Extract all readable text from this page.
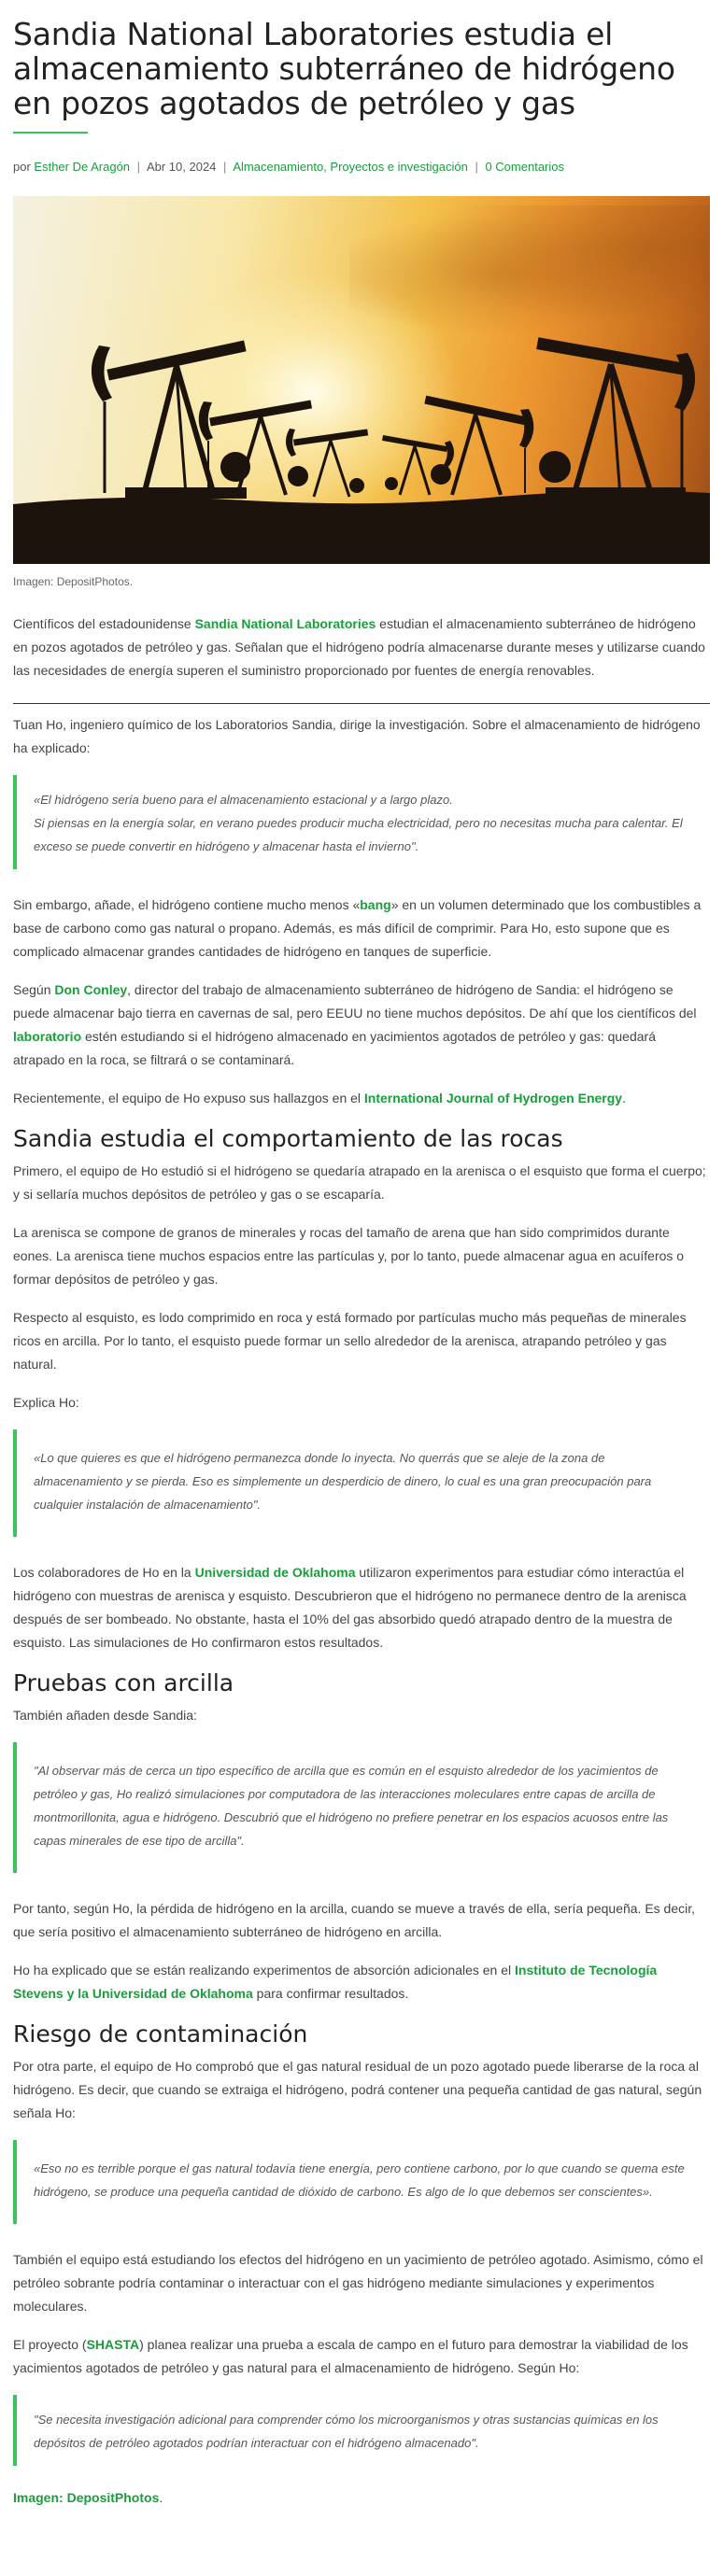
Sandia National Laboratories estudia el almacenamiento subterráneo de hidrógeno en pozos agotados de petróleo y gas
por Esther De Aragón | Abr 10, 2024 | Almacenamiento, Proyectos e investigación | 0 Comentarios
Imagen: DepositPhotos.

Científicos del estadounidense Sandia National Laboratories estudian el almacenamiento subterráneo de hidrógeno en pozos agotados de petróleo y gas. Señalan que el hidrógeno podría almacenarse durante meses y utilizarse cuando las necesidades de energía superen el suministro proporcionado por fuentes de energía renovables.

Tuan Ho, ingeniero químico de los Laboratorios Sandia, dirige la investigación. Sobre el almacenamiento de hidrógeno ha explicado:

«El hidrógeno sería bueno para el almacenamiento estacional y a largo plazo.
Si piensas en la energía solar, en verano puedes producir mucha electricidad, pero no necesitas mucha para calentar. El exceso se puede convertir en hidrógeno y almacenar hasta el invierno".

Sin embargo, añade, el hidrógeno contiene mucho menos «bang» en un volumen determinado que los combustibles a base de carbono como gas natural o propano. Además, es más difícil de comprimir. Para Ho, esto supone que es complicado almacenar grandes cantidades de hidrógeno en tanques de superficie.

Según Don Conley, director del trabajo de almacenamiento subterráneo de hidrógeno de Sandia: el hidrógeno se puede almacenar bajo tierra en cavernas de sal, pero EEUU no tiene muchos depósitos. De ahí que los científicos del laboratorio estén estudiando si el hidrógeno almacenado en yacimientos agotados de petróleo y gas: quedará atrapado en la roca, se filtrará o se contaminará.

Recientemente, el equipo de Ho expuso sus hallazgos en el International Journal of Hydrogen Energy.

Sandia estudia el comportamiento de las rocas

Primero, el equipo de Ho estudió si el hidrógeno se quedaría atrapado en la arenisca o el esquisto que forma el cuerpo; y si sellaría muchos depósitos de petróleo y gas o se escaparía.

La arenisca se compone de granos de minerales y rocas del tamaño de arena que han sido comprimidos durante eones. La arenisca tiene muchos espacios entre las partículas y, por lo tanto, puede almacenar agua en acuíferos o formar depósitos de petróleo y gas.

Respecto al esquisto, es lodo comprimido en roca y está formado por partículas mucho más pequeñas de minerales ricos en arcilla. Por lo tanto, el esquisto puede formar un sello alrededor de la arenisca, atrapando petróleo y gas natural.

Explica Ho:

«Lo que quieres es que el hidrógeno permanezca donde lo inyecta. No querrás que se aleje de la zona de almacenamiento y se pierda. Eso es simplemente un desperdicio de dinero, lo cual es una gran preocupación para cualquier instalación de almacenamiento".

Los colaboradores de Ho en la Universidad de Oklahoma utilizaron experimentos para estudiar cómo interactúa el hidrógeno con muestras de arenisca y esquisto. Descubrieron que el hidrógeno no permanece dentro de la arenisca después de ser bombeado. No obstante, hasta el 10% del gas absorbido quedó atrapado dentro de la muestra de esquisto. Las simulaciones de Ho confirmaron estos resultados.

Pruebas con arcilla

También añaden desde Sandia:

"Al observar más de cerca un tipo específico de arcilla que es común en el esquisto alrededor de los yacimientos de petróleo y gas, Ho realizó simulaciones por computadora de las interacciones moleculares entre capas de arcilla de montmorillonita, agua e hidrógeno. Descubrió que el hidrógeno no prefiere penetrar en los espacios acuosos entre las capas minerales de ese tipo de arcilla".

Por tanto, según Ho, la pérdida de hidrógeno en la arcilla, cuando se mueve a través de ella, sería pequeña. Es decir, que sería positivo el almacenamiento subterráneo de hidrógeno en arcilla.

Ho ha explicado que se están realizando experimentos de absorción adicionales en el Instituto de Tecnología Stevens y la Universidad de Oklahoma para confirmar resultados.

Riesgo de contaminación

Por otra parte, el equipo de Ho comprobó que el gas natural residual de un pozo agotado puede liberarse de la roca al hidrógeno. Es decir, que cuando se extraiga el hidrógeno, podrá contener una pequeña cantidad de gas natural, según señala Ho:

«Eso no es terrible porque el gas natural todavía tiene energía, pero contiene carbono, por lo que cuando se quema este hidrógeno, se produce una pequeña cantidad de dióxido de carbono. Es algo de lo que debemos ser conscientes».

También el equipo está estudiando los efectos del hidrógeno en un yacimiento de petróleo agotado. Asimismo, cómo el petróleo sobrante podría contaminar o interactuar con el gas hidrógeno mediante simulaciones y experimentos moleculares.

El proyecto (SHASTA) planea realizar una prueba a escala de campo en el futuro para demostrar la viabilidad de los yacimientos agotados de petróleo y gas natural para el almacenamiento de hidrógeno. Según Ho:

"Se necesita investigación adicional para comprender cómo los microorganismos y otras sustancias químicas en los depósitos de petróleo agotados podrían interactuar con el hidrógeno almacenado".

Imagen: DepositPhotos.
